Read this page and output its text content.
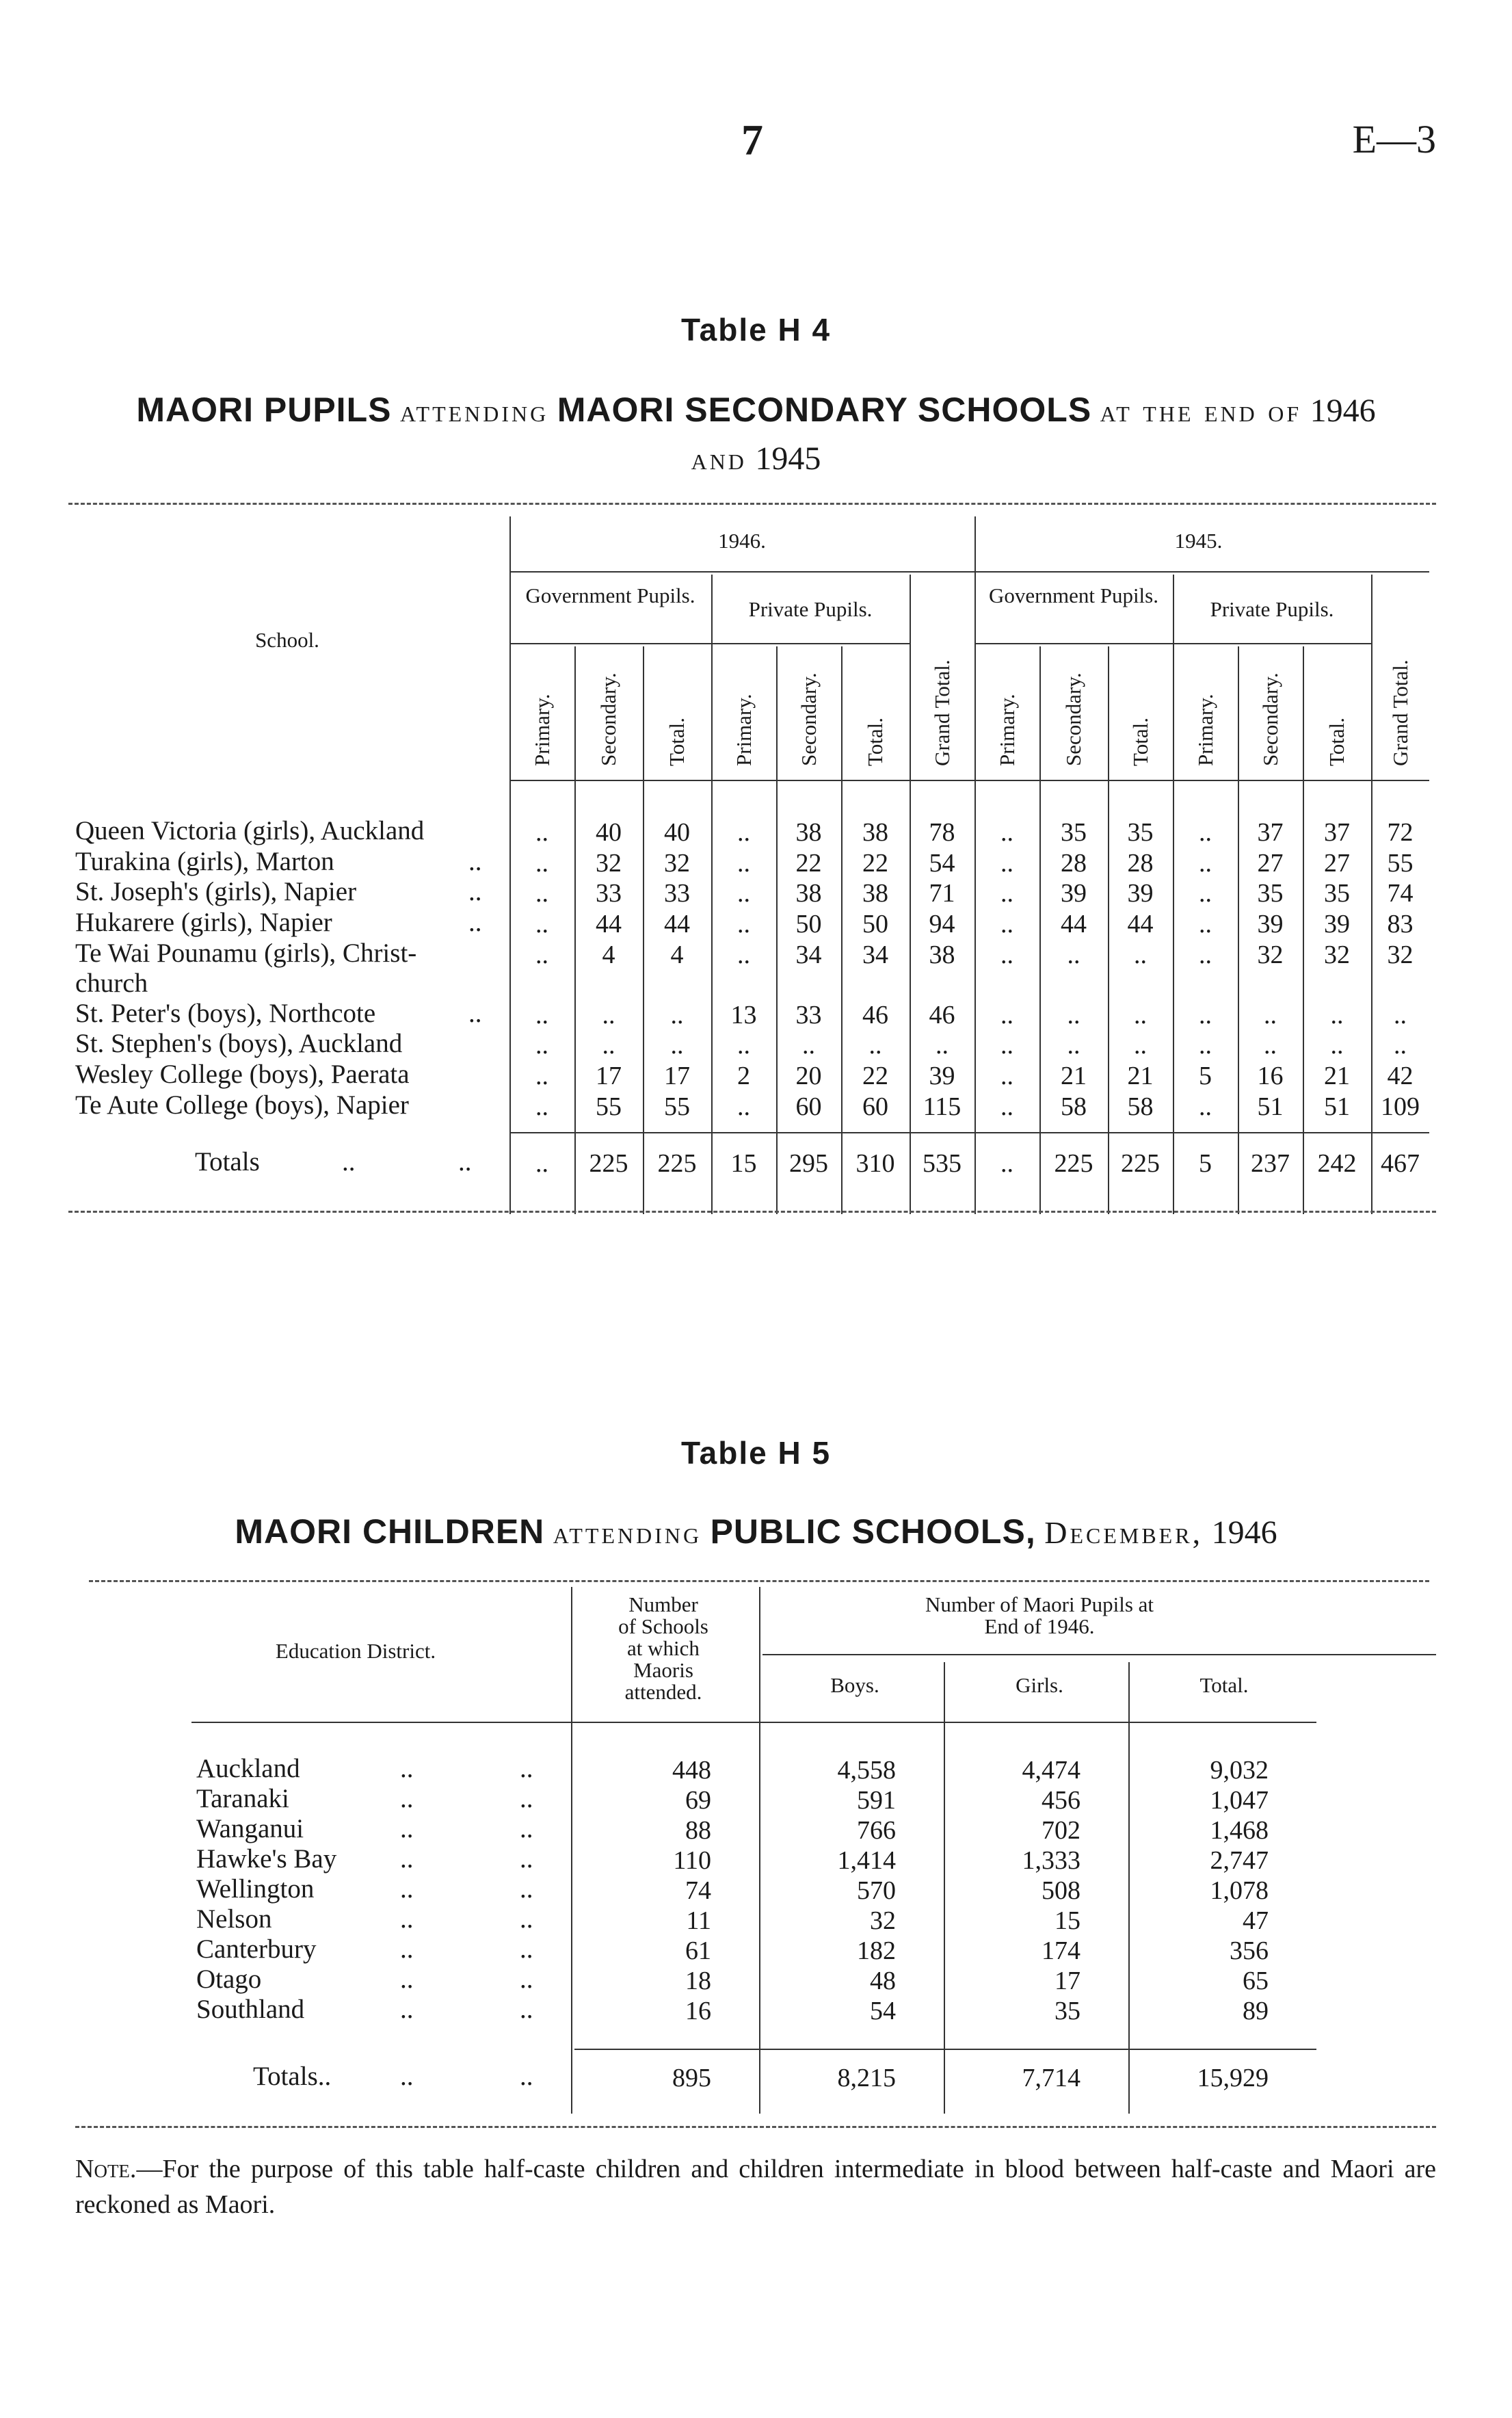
7	E—3
Table H 4
MAORI PUPILS attending MAORI SECONDARY SCHOOLS at the end of 1946
and 1945
School.
1946.	1945.
Government Pupils.
Private Pupils.
Government Pupils.
Private Pupils.
Primary. Secondary. Total. Primary. Secondary. Total. Grand Total. Primary. Secondary. Total. Primary. Secondary. Total. Grand Total.
Queen Victoria (girls), Auckland	..	40	40	..	38	38	78	..	35	35	..	37	37	72
Turakina (girls), Marton	..	..	32	32	..	22	22	54	..	28	28	..	27	27	55
St. Joseph's (girls), Napier	..	..	33	33	..	38	38	71	..	39	39	..	35	35	74
Hukarere (girls), Napier	..	..	44	44	..	50	50	94	..	44	44	..	39	39	83
Te Wai Pounamu (girls), Christ-
church
..	4	4	..	34	34	38	..	..	..	..	32	32	32
St. Peter's (boys), Northcote	..	..	..	..	13	33	46	46	..	..	..	..	..	..	..
St. Stephen's (boys), Auckland	..	..	..	..	..	..	..	..	..	..	..	..	..	..
Wesley College (boys), Paerata	..	17	17	2	20	22	39	..	21	21	5	16	21	42
Te Aute College (boys), Napier	..	55	55	..	60	60	115	..	58	58	..	51	51	109
Totals	..	..	..	225	225	15	295	310	535	..	225	225	5	237	242 467
Table H 5
MAORI CHILDREN attending PUBLIC SCHOOLS, December, 1946
Education District.
Number
of Schools
at which
Maoris
attended.
Number of Maori Pupils at
End of 1946.
Boys.	Girls.	Total.
Auckland	..	..	448	4,558	4,474	9,032
Taranaki	..	..	69	591	456	1,047
Wanganui	..	..	88	766	702	1,468
Hawke's Bay ..	..	110	1,414	1,333	2,747
Wellington	..	..	74	570	508	1,078
Nelson	..	..	11	32	15	47
Canterbury	..	..	61	182	174	356
Otago	..	..	18	48	17	65
Southland	..	..	16	54	35	89
Totals..	..	..	895	8,215	7,714	15,929
Note.—For the purpose of this table half-caste children and children intermediate in blood between half-caste and Maori are reckoned as Maori.
